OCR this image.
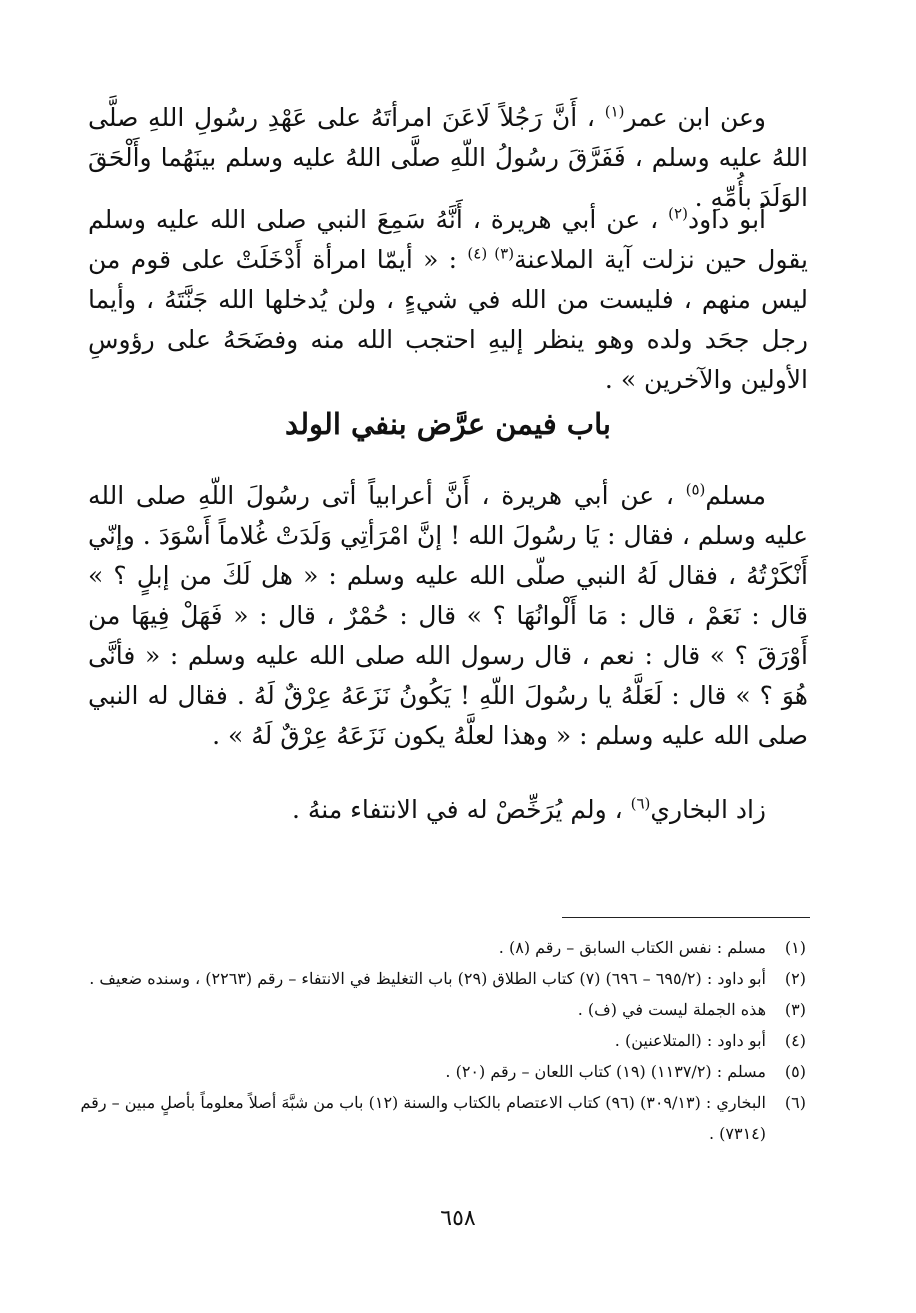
وعن ابن عمر$^{(١)}$ ، أَنَّ رَجُلاً لَاعَنَ امرأتَهُ على عَهْدِ رسُولِ اللهِ صلَّى اللهُ عليه وسلم ، فَفَرَّقَ رسُولُ اللّهِ صلَّى اللهُ عليه وسلم بينَهُما وأَلْحَقَ الوَلَدَ بأُمِّهِ .
أبو داود$^{(٢)}$ ، عن أبي هريرة ، أَنَّهُ سَمِعَ النبي صلى الله عليه وسلم يقول حين نزلت آية الملاعنة$^{(٣) (٤)}$ : « أيمّا امرأة أَدْخَلَتْ على قوم من ليس منهم ، فليست من الله في شيءٍ ، ولن يُدخلها الله جَنَّتَهُ ، وأيما رجل جحَد ولده وهو ينظر إليهِ احتجب الله منه وفضَحَهُ على رؤوسِ الأولين والآخرين » .
باب فيمن عرَّض بنفي الولد
مسلم$^{(٥)}$ ، عن أبي هريرة ، أَنَّ أعرابياً أتى رسُولَ اللّهِ صلى الله عليه وسلم ، فقال : يَا رسُولَ الله ! إنَّ امْرَأتِي وَلَدَتْ غُلاماً أَسْوَدَ . وإنّي أَنْكَرْتُهُ ، فقال لَهُ النبي صلّى الله عليه وسلم : « هل لَكَ من إبلٍ ؟ » قال : نَعَمْ ، قال : مَا أَلْوانُهَا ؟ » قال : حُمْرٌ ، قال : « فَهَلْ فِيهَا من أَوْرَقَ ؟ » قال : نعم ، قال رسول الله صلى الله عليه وسلم : « فأنَّى هُوَ ؟ » قال : لَعَلَّهُ يا رسُولَ اللّهِ ! يَكُونُ نَزَعَهُ عِرْقٌ لَهُ . فقال له النبي صلى الله عليه وسلم : « وهذا لعلَّهُ يكون نَزَعَهُ عِرْقٌ لَهُ » .
زاد البخاري$^{(٦)}$ ، ولم يُرَخِّصْ له في الانتفاء منهُ .
(١)
مسلم : نفس الكتاب السابق – رقم (٨) .
(٢)
أبو داود : (٦٩٥/٢ – ٦٩٦) (٧) كتاب الطلاق (٢٩) باب التغليظ في الانتفاء – رقم (٢٢٦٣) ، وسنده ضعيف .
(٣)
هذه الجملة ليست في (ف) .
(٤)
أبو داود : (المتلاعنين) .
(٥)
مسلم : (١١٣٧/٢) (١٩) كتاب اللعان – رقم (٢٠) .
(٦)
البخاري : (٣٠٩/١٣) (٩٦) كتاب الاعتصام بالكتاب والسنة (١٢) باب من شبَّهَ أصلاً معلوماً بأصلٍ مبين – رقم (٧٣١٤) .
٦٥٨
